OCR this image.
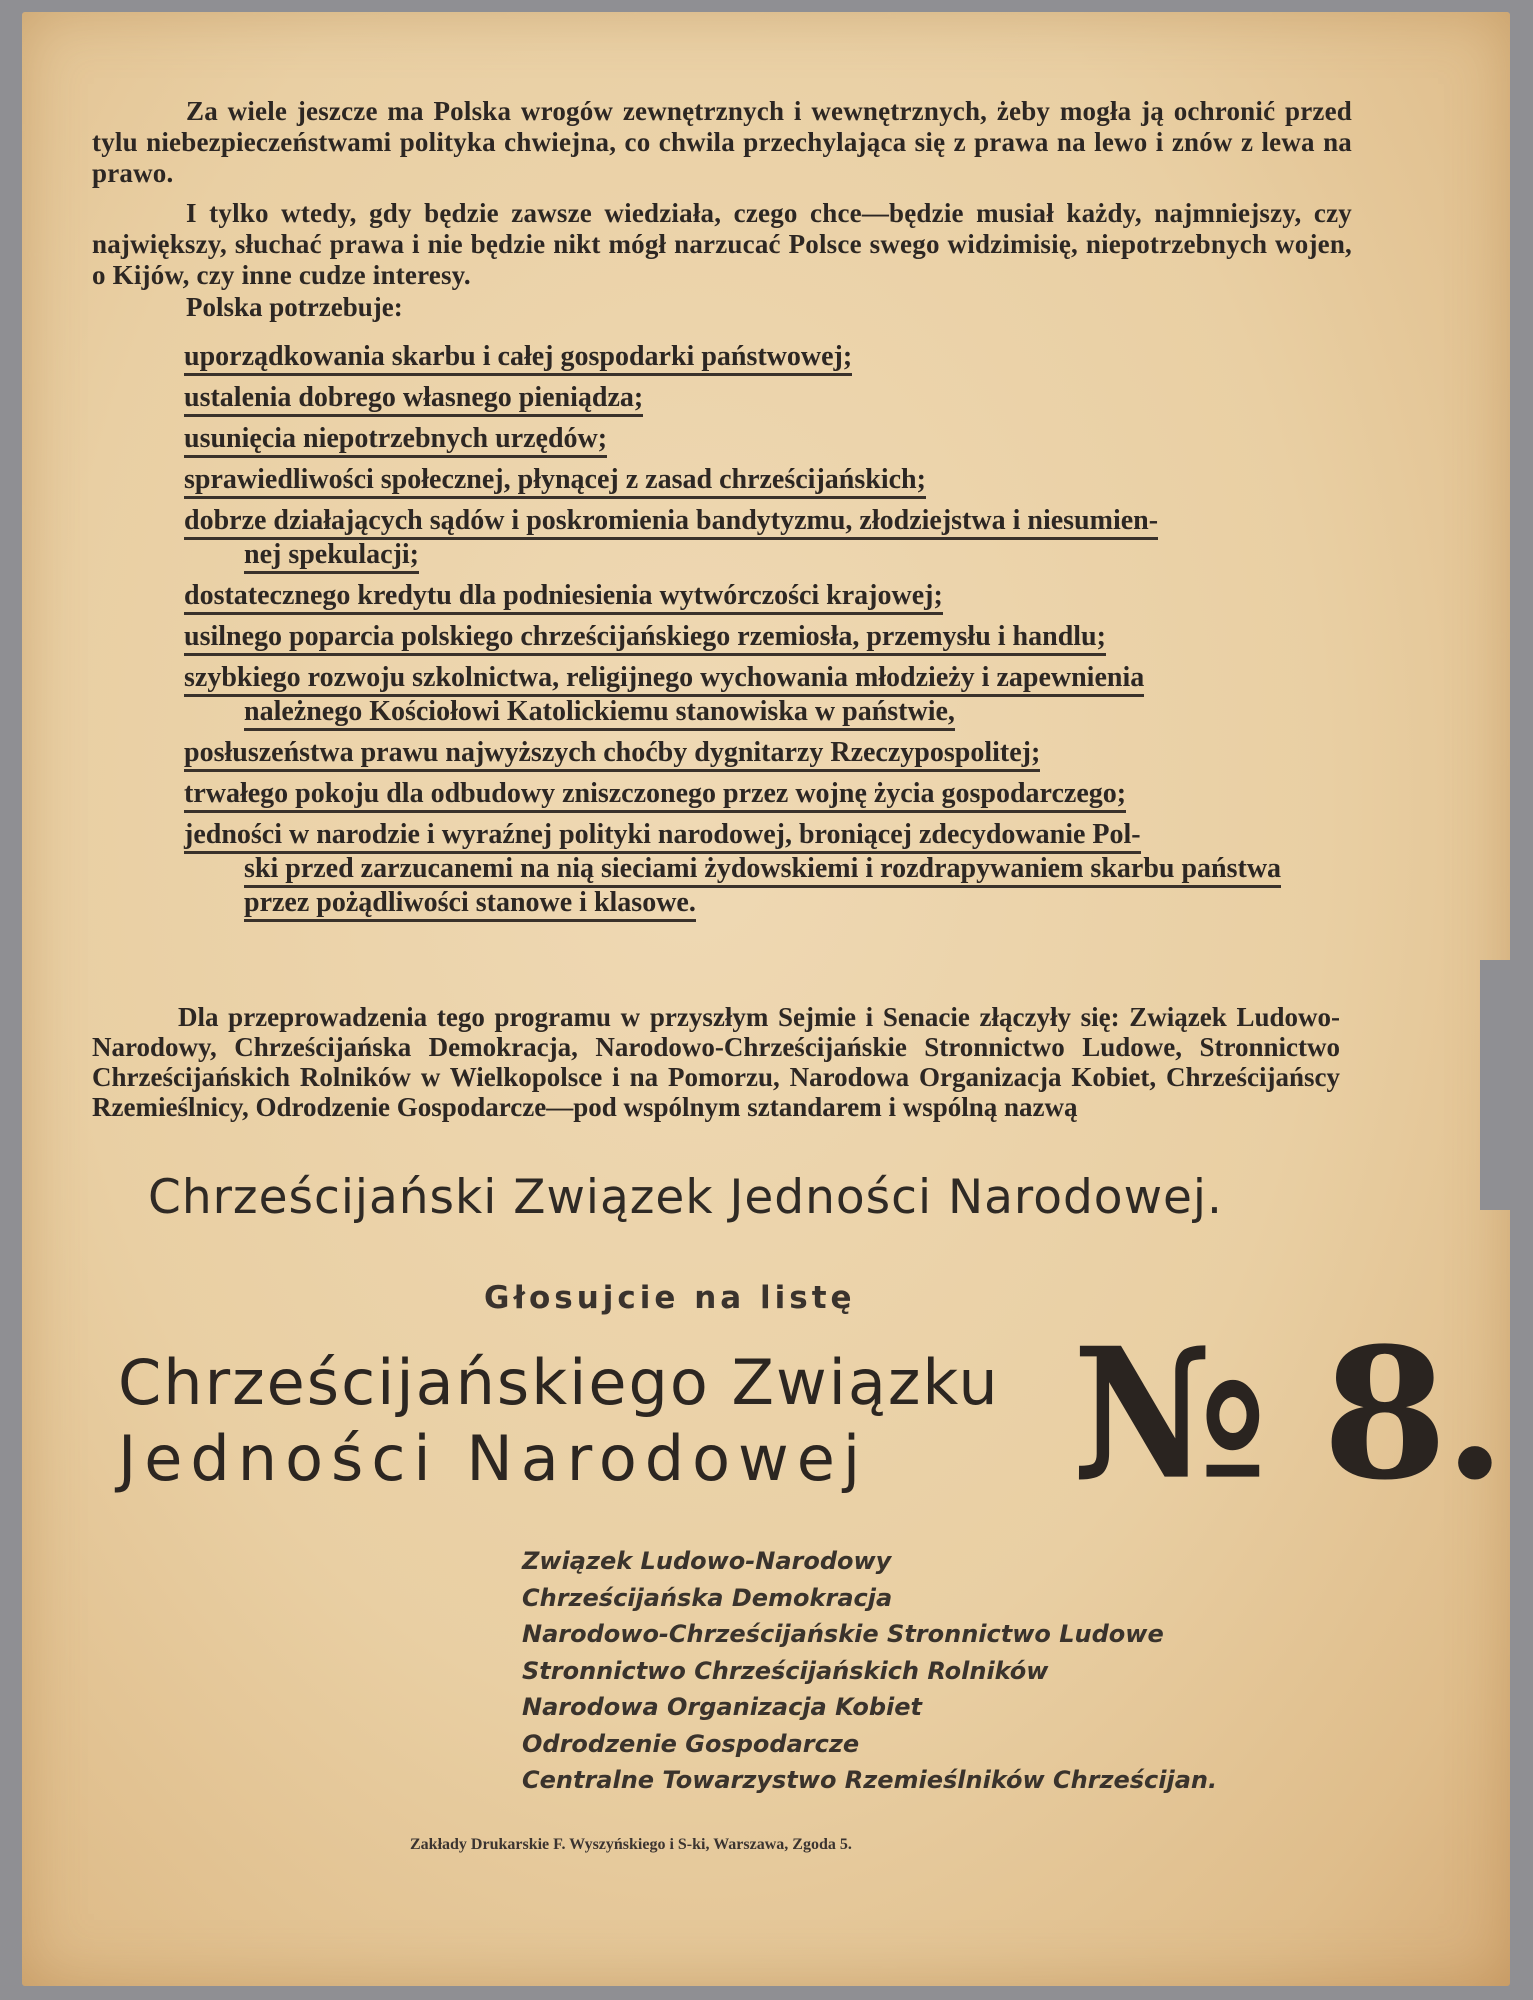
Za wiele jeszcze ma Polska wrogów zewnętrznych i wewnętrznych, żeby mogła ją ochronić przed tylu niebezpieczeństwami polityka chwiejna, co chwila przechylająca się z prawa na lewo i znów z lewa na prawo.

I tylko wtedy, gdy będzie zawsze wiedziała, czego chce—będzie musiał każdy, najmniejszy, czy największy, słuchać prawa i nie będzie nikt mógł narzucać Polsce swego widzimisię, niepotrzebnych wojen, o Kijów, czy inne cudze interesy.

Polska potrzebuje:
uporządkowania skarbu i całej gospodarki państwowej;
ustalenia dobrego własnego pieniądza;
usunięcia niepotrzebnych urzędów;
sprawiedliwości społecznej, płynącej z zasad chrześcijańskich;
dobrze działających sądów i poskromienia bandytyzmu, złodziejstwa i niesumien-
nej spekulacji;
dostatecznego kredytu dla podniesienia wytwórczości krajowej;
usilnego poparcia polskiego chrześcijańskiego rzemiosła, przemysłu i handlu;
szybkiego rozwoju szkolnictwa, religijnego wychowania młodzieży i zapewnienia
należnego Kościołowi Katolickiemu stanowiska w państwie,
posłuszeństwa prawu najwyższych choćby dygnitarzy Rzeczypospolitej;
trwałego pokoju dla odbudowy zniszczonego przez wojnę życia gospodarczego;
jedności w narodzie i wyraźnej polityki narodowej, broniącej zdecydowanie Pol-
ski przed zarzucanemi na nią sieciami żydowskiemi i rozdrapywaniem skarbu państwa przez pożądliwości stanowe i klasowe.

Dla przeprowadzenia tego programu w przyszłym Sejmie i Senacie złączyły się: Związek Ludowo-Narodowy, Chrześcijańska Demokracja, Narodowo-Chrześcijańskie Stronnictwo Ludowe, Stronnictwo Chrześcijańskich Rolników w Wielkopolsce i na Pomorzu, Narodowa Organizacja Kobiet, Chrześcijańscy Rzemieślnicy, Odrodzenie Gospodarcze—pod wspólnym sztandarem i wspólną nazwą

Chrześcijański Związek Jedności Narodowej.
Głosujcie na listę
Chrześcijańskiego Związku
Jedności Narodowej	№ 8.
Związek Ludowo-Narodowy
Chrześcijańska Demokracja
Narodowo-Chrześcijańskie Stronnictwo Ludowe
Stronnictwo Chrześcijańskich Rolników
Narodowa Organizacja Kobiet
Odrodzenie Gospodarcze
Centralne Towarzystwo Rzemieślników Chrześcijan.
Zakłady Drukarskie F. Wyszyńskiego i S-ki, Warszawa, Zgoda 5.
